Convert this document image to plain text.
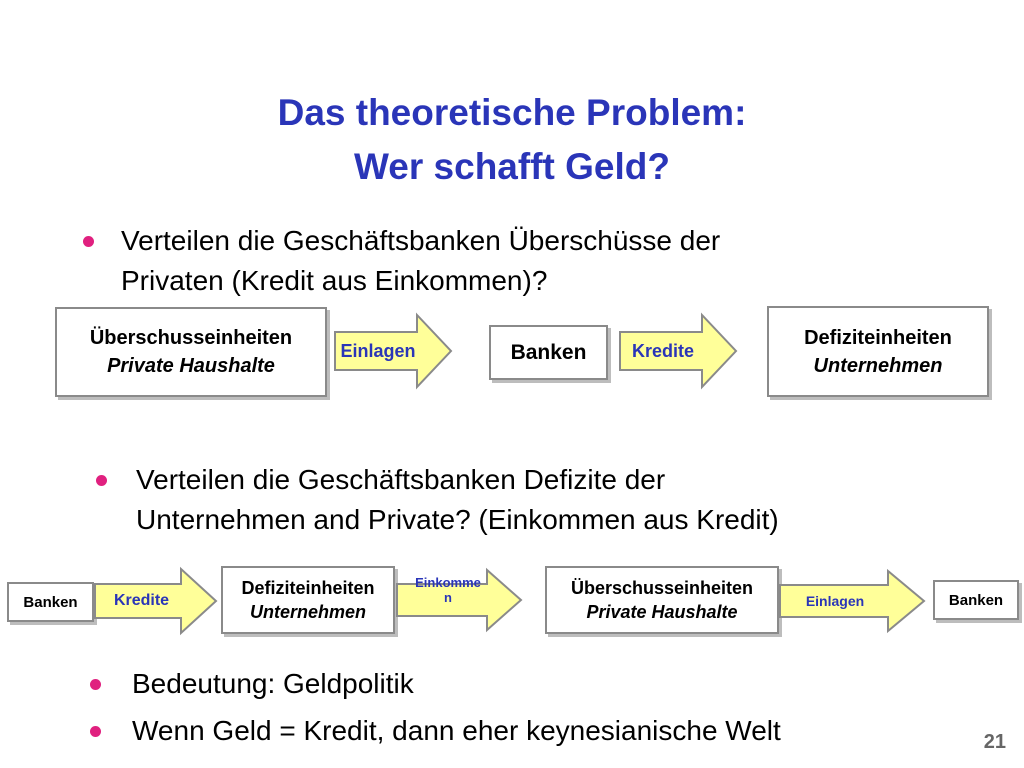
Das theoretische Problem:
Wer schafft Geld?
Verteilen die Geschäftsbanken Überschüsse der
Privaten (Kredit aus Einkommen)?
Überschusseinheiten
Private Haushalte
Einlagen	Banken	Kredite
Defiziteinheiten
Unternehmen
Verteilen die Geschäftsbanken Defizite der
Unternehmen and Private? (Einkommen aus Kredit)
Banken	Kredite
Defiziteinheiten
Unternehmen
Einkomme
n	Überschusseinheiten
Private Haushalte
Einlagen	Banken
Bedeutung: Geldpolitik
Wenn Geld = Kredit, dann eher keynesianische Welt	21
